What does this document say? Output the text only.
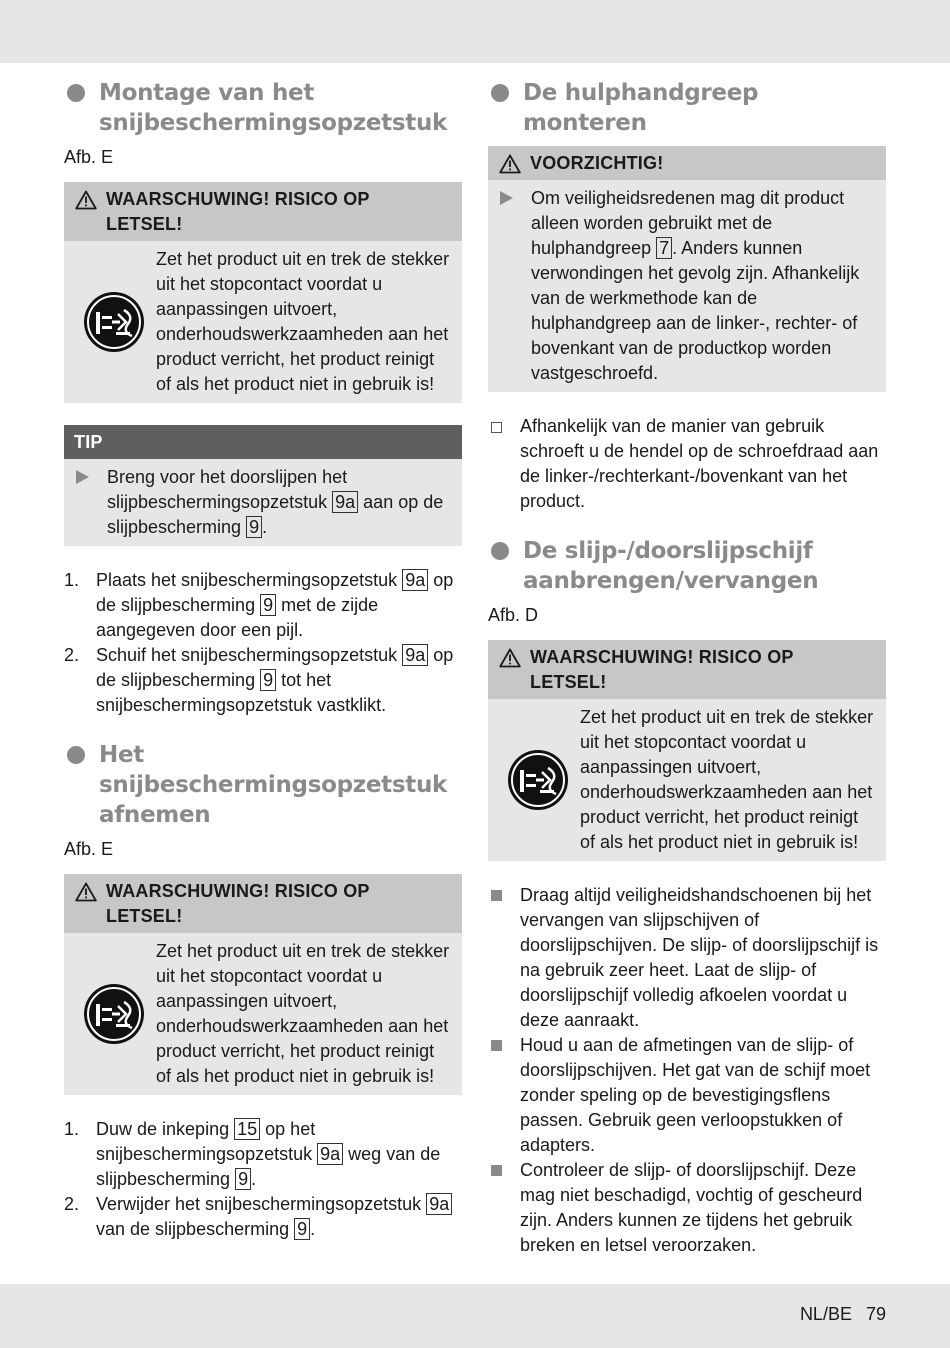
Montage van het snijbeschermingsopzetstuk
Afb. E
WAARSCHUWING! RISICO OP LETSEL!
Zet het product uit en trek de stekker uit het stopcontact voordat u aanpassingen uitvoert, onderhoudswerkzaamheden aan het product verricht, het product reinigt of als het product niet in gebruik is!
TIP
Breng voor het doorslijpen het slijpbeschermingsopzetstuk 9a aan op de slijpbescherming 9 .
1. Plaats het snijbeschermingsopzetstuk 9a op de slijpbescherming 9 met de zijde aangegeven door een pijl.
2. Schuif het snijbeschermingsopzetstuk 9a op de slijpbescherming 9 tot het snijbeschermingsopzetstuk vastklikt.
Het snijbeschermingsopzetstuk afnemen
Afb. E
WAARSCHUWING! RISICO OP LETSEL!
Zet het product uit en trek de stekker uit het stopcontact voordat u aanpassingen uitvoert, onderhoudswerkzaamheden aan het product verricht, het product reinigt of als het product niet in gebruik is!
1. Duw de inkeping 15 op het snijbeschermingsopzetstuk 9a weg van de slijpbescherming 9 .
2. Verwijder het snijbeschermingsopzetstuk 9a van de slijpbescherming 9 .
De hulphandgreep monteren
VOORZICHTIG!
Om veiligheidsredenen mag dit product alleen worden gebruikt met de hulphandgreep 7 . Anders kunnen verwondingen het gevolg zijn. Afhankelijk van de werkmethode kan de hulphandgreep aan de linker-, rechter- of bovenkant van de productkop worden vastgeschroefd.
Afhankelijk van de manier van gebruik schroeft u de hendel op de schroefdraad aan de linker-/rechterkant-/bovenkant van het product.
De slijp-/doorslijpschijf aanbrengen/vervangen
Afb. D
WAARSCHUWING! RISICO OP LETSEL!
Zet het product uit en trek de stekker uit het stopcontact voordat u aanpassingen uitvoert, onderhoudswerkzaamheden aan het product verricht, het product reinigt of als het product niet in gebruik is!
Draag altijd veiligheidshandschoenen bij het vervangen van slijpschijven of doorslijpschijven. De slijp- of doorslijpschijf is na gebruik zeer heet. Laat de slijp- of doorslijpschijf volledig afkoelen voordat u deze aanraakt.
Houd u aan de afmetingen van de slijp- of doorslijpschijven. Het gat van de schijf moet zonder speling op de bevestigingsflens passen. Gebruik geen verloopstukken of adapters.
Controleer de slijp- of doorslijpschijf. Deze mag niet beschadigd, vochtig of gescheurd zijn. Anders kunnen ze tijdens het gebruik breken en letsel veroorzaken.
NL/BE 79
